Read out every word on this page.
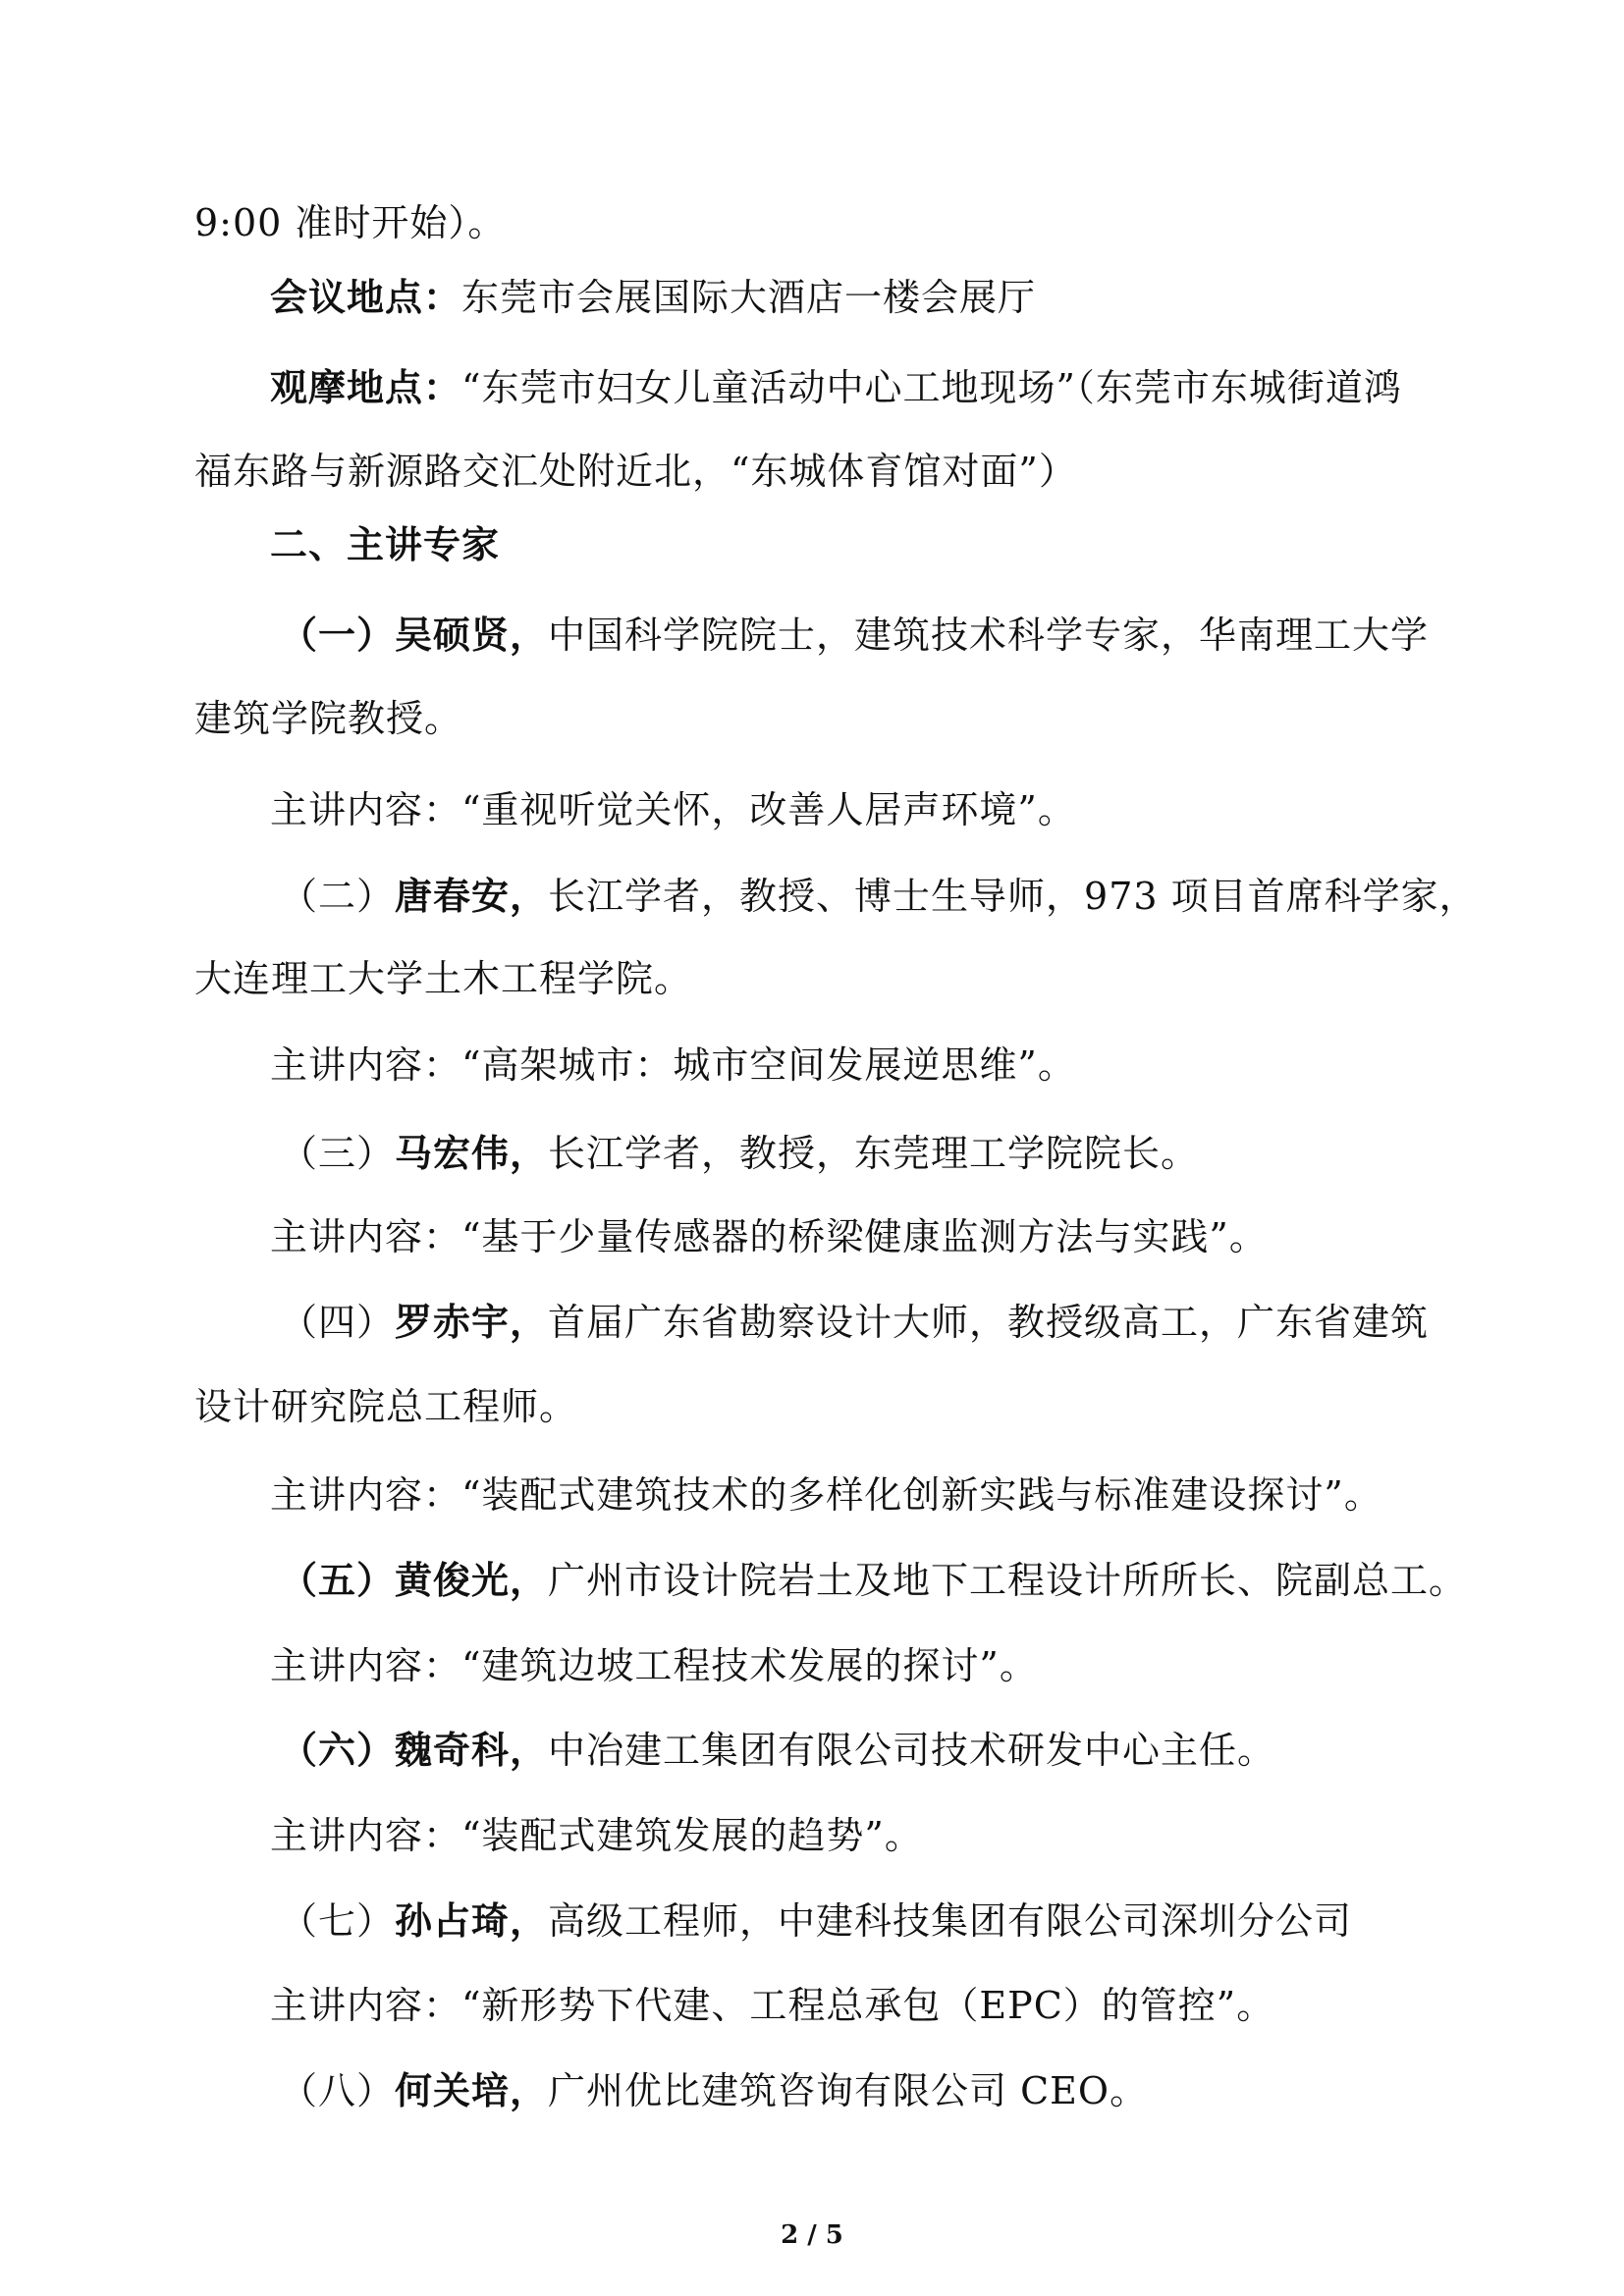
9:00 准时开始）。
会议地点：东莞市会展国际大酒店一楼会展厅
观摩地点：“东莞市妇女儿童活动中心工地现场”（东莞市东城街道鸿
福东路与新源路交汇处附近北，“东城体育馆对面”）
二、主讲专家
（一）吴硕贤，中国科学院院士，建筑技术科学专家，华南理工大学
建筑学院教授。
主讲内容：“重视听觉关怀，改善人居声环境”。
（二）唐春安，长江学者，教授、博士生导师，973 项目首席科学家，
大连理工大学土木工程学院。
主讲内容：“高架城市：城市空间发展逆思维”。
（三）马宏伟，长江学者，教授，东莞理工学院院长。
主讲内容：“基于少量传感器的桥梁健康监测方法与实践”。
（四）罗赤宇，首届广东省勘察设计大师，教授级高工，广东省建筑
设计研究院总工程师。
主讲内容：“装配式建筑技术的多样化创新实践与标准建设探讨”。
（五）黄俊光，广州市设计院岩土及地下工程设计所所长、院副总工。
主讲内容：“建筑边坡工程技术发展的探讨”。
（六）魏奇科，中冶建工集团有限公司技术研发中心主任。
主讲内容：“装配式建筑发展的趋势”。
（七）孙占琦，高级工程师，中建科技集团有限公司深圳分公司
主讲内容：“新形势下代建、工程总承包（EPC）的管控”。
（八）何关培，广州优比建筑咨询有限公司 CEO。
2 / 5
